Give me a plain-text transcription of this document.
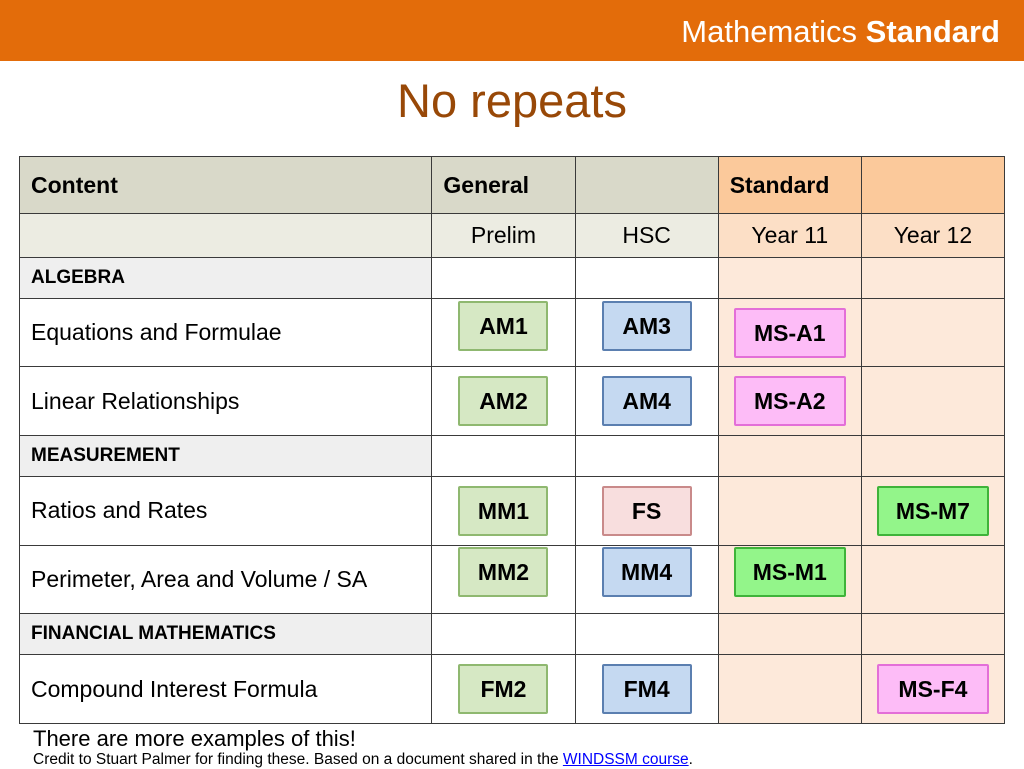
Mathematics Standard
No repeats
Content	General		Standard	
	Prelim	HSC	Year 11	Year 12
ALGEBRA				
Equations and Formulae	AM1	AM3	MS-A1	
Linear Relationships	AM2	AM4	MS-A2	
MEASUREMENT				
Ratios and Rates	MM1	FS		MS-M7
Perimeter, Area and Volume / SA	MM2	MM4	MS-M1	
FINANCIAL MATHEMATICS				
Compound Interest Formula	FM2	FM4		MS-F4
There are more examples of this!
Credit to Stuart Palmer for finding these. Based on a document shared in the WINDSSM course.
